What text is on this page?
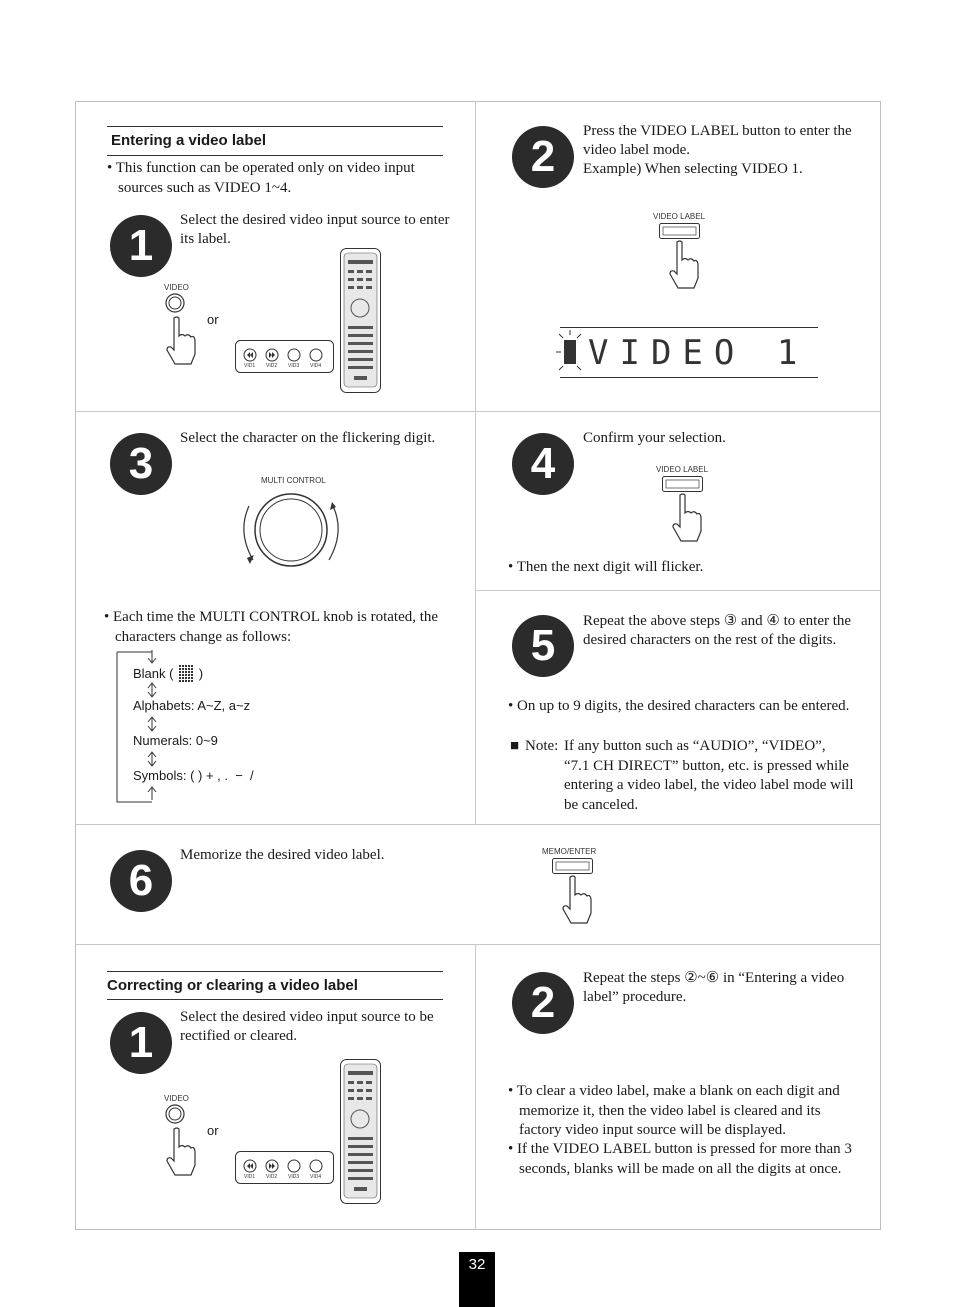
Entering a video label
• This function can be operated only on video input sources such as VIDEO 1~4.
1
Select the desired video input source to enter its label.
VIDEO
or
VID1 VID2 VID3 VID4
2
Press the VIDEO LABEL button to enter the video label mode.
Example) When selecting VIDEO 1.
VIDEO LABEL
VIDEO 1
3
Select the character on the flickering digit.
MULTI CONTROL
• Each time the MULTI CONTROL knob is rotated, the characters change as follows:
Blank ( )
Alphabets: A~Z, a~z
Numerals: 0~9
Symbols: ( ) + , .  −  /
4
Confirm your selection.
VIDEO LABEL
• Then the next digit will flicker.
5	Repeat the above steps ③ and ④ to enter the desired characters on the rest of the digits.
• On up to 9 digits, the desired characters can be entered.
■ Note: If any button such as “AUDIO”, “VIDEO”, “7.1 CH DIRECT” button, etc. is pressed while entering a video label, the video label mode will be canceled.
6
Memorize the desired video label.	MEMO/ENTER
Correcting or clearing a video label
1
Select the desired video input source to be rectified or cleared.
VIDEO
or
VID1 VID2 VID3 VID4
2	Repeat the steps ②~⑥ in “Entering a video label” procedure.
• To clear a video label, make a blank on each digit and memorize it, then the video label is cleared and its factory video input source will be displayed.
• If the VIDEO LABEL button is pressed for more than 3 seconds, blanks will be made on all the digits at once.
32
